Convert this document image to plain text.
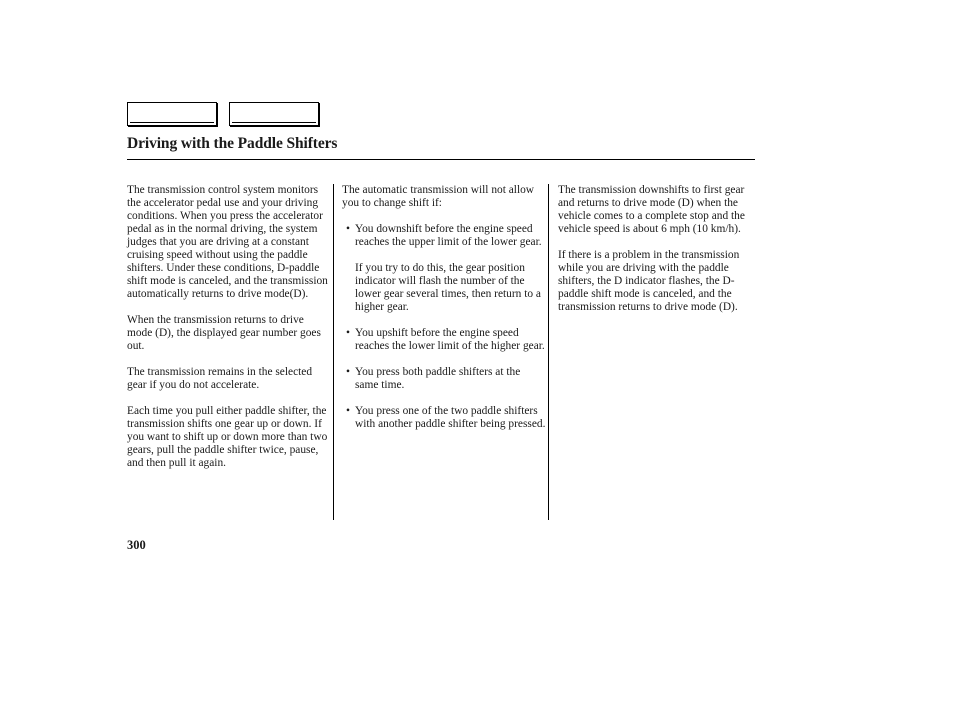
Driving with the Paddle Shifters

The transmission control system monitors the accelerator pedal use and your driving conditions. When you press the accelerator pedal as in the normal driving, the system judges that you are driving at a constant cruising speed without using the paddle shifters. Under these conditions, D-paddle shift mode is canceled, and the transmission automatically returns to drive mode(D).

When the transmission returns to drive mode (D), the displayed gear number goes out.

The transmission remains in the selected gear if you do not accelerate.

Each time you pull either paddle shifter, the transmission shifts one gear up or down. If you want to shift up or down more than two gears, pull the paddle shifter twice, pause, and then pull it again.

The automatic transmission will not allow you to change shift if:

• You downshift before the engine speed reaches the upper limit of the lower gear.
If you try to do this, the gear position indicator will flash the number of the lower gear several times, then return to a higher gear.
• You upshift before the engine speed reaches the lower limit of the higher gear.
• You press both paddle shifters at the same time.
• You press one of the two paddle shifters with another paddle shifter being pressed.

The transmission downshifts to first gear and returns to drive mode (D) when the vehicle comes to a complete stop and the vehicle speed is about 6 mph (10 km/h).

If there is a problem in the transmission while you are driving with the paddle shifters, the D indicator flashes, the D-paddle shift mode is canceled, and the transmission returns to drive mode (D).

300
